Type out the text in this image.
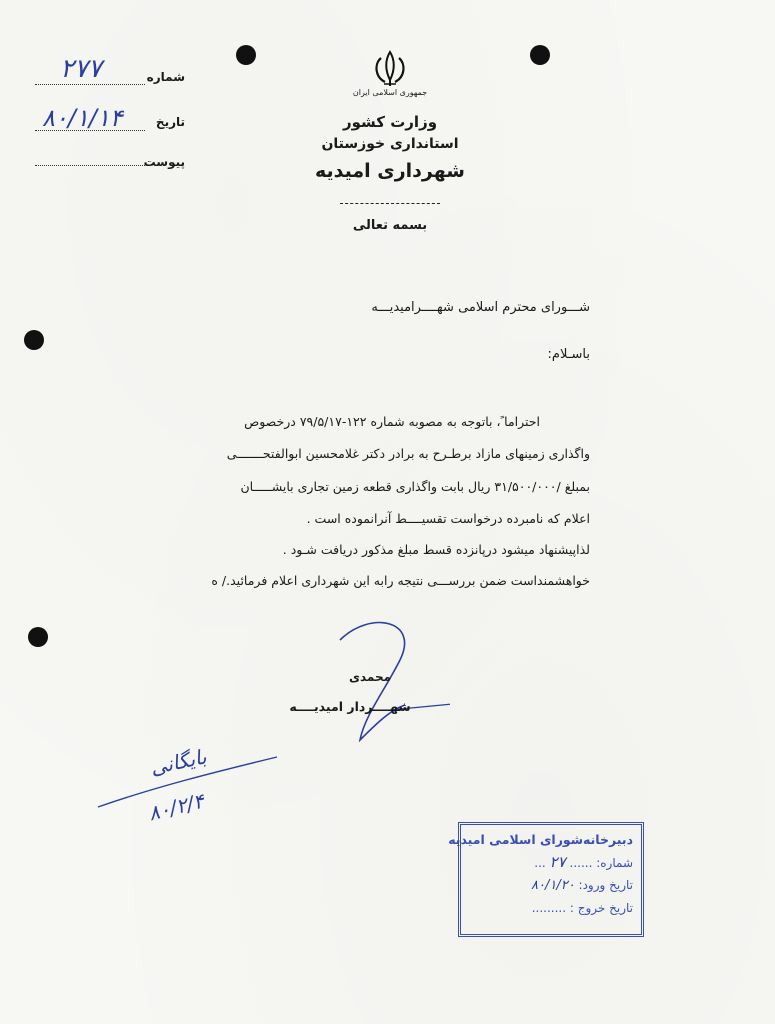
شماره
۲۷۷
تاریخ
۸۰/۱/۱۴
پیوست
جمهوری اسلامی ایران
وزارت کشور
استانداری خوزستان
شهرداری امیدیه
بسمه تعالی
شـــورای محترم اسلامی شهــــرامیدیـــه
باسـلام:
احتراما ً، باتوجه به مصوبه شماره ۱۲۲-۷۹/۵/۱۷ درخصوص
واگذاری زمینهای مازاد برطـرح به برادر دکتر غلامحسین ابوالفتحـــــــی
بمبلغ /۳۱/۵۰۰/۰۰۰ ریال بابت واگذاری قطعه زمین تجاری بایشـــــان
اعلام که نامبرده درخواست تقسیــــط آنرانموده است .
لذاپیشنهاد میشود درپانزده قسط مبلغ مذکور دریافت شـود .
خواهشمنداست ضمن بررســـی نتیجه رابه این شهرداری اعلام فرمائید./ ه
محمدی
شهــــردار امیدیــــه
بایگانی
۸۰/۲/۴
دبیرخانه‌شورای اسلامی امیدیه
شماره: ...... ۲۷ ...
تاریخ ورود: ۸۰/۱/۲۰
تاریخ خروج : .........
